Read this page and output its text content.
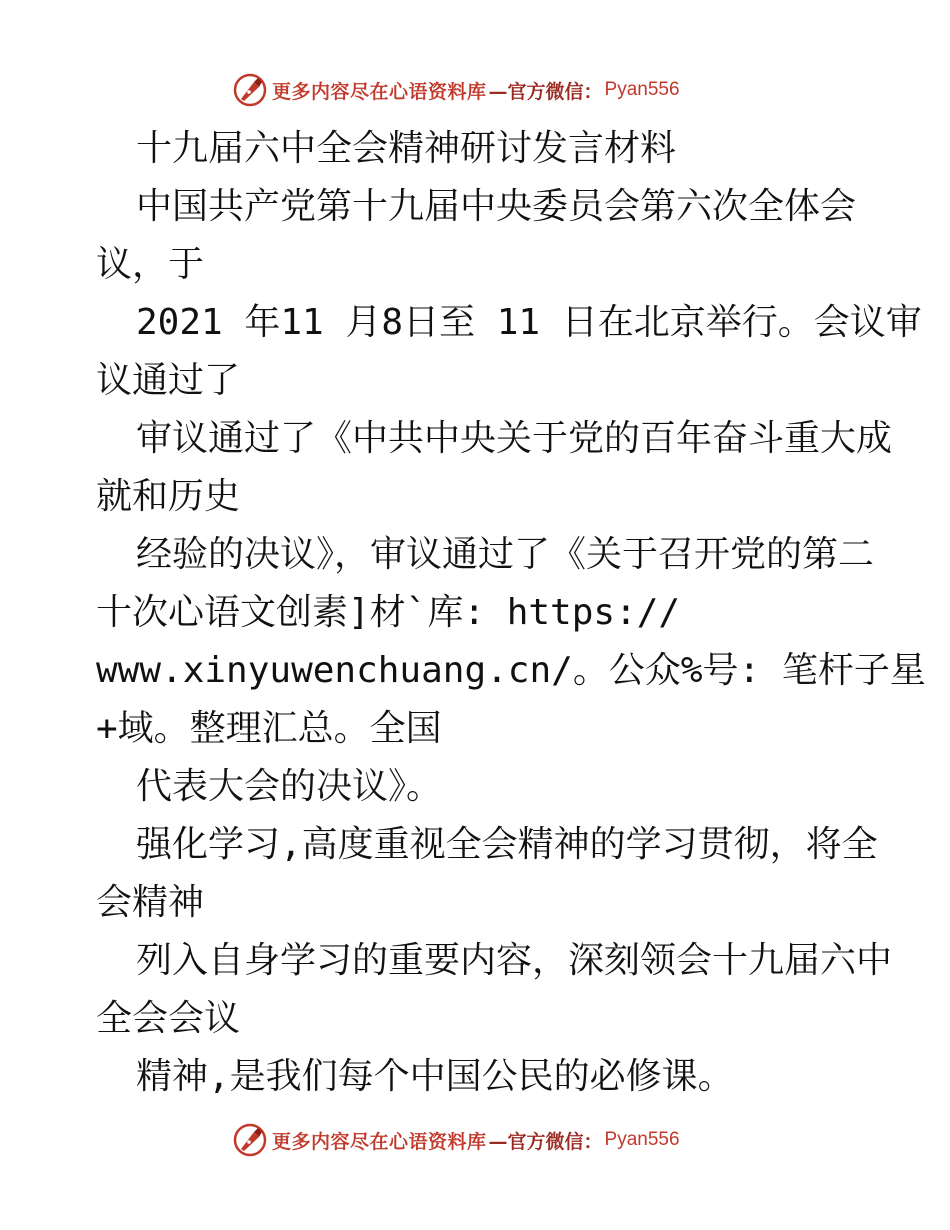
更多内容尽在心语资料库 —官方微信： Pyan556
十九届六中全会精神研讨发言材料
中国共产党第十九届中央委员会第六次全体会
议，于
2021 年11 月8日至 11 日在北京举行。会议审
议通过了
审议通过了《中共中央关于党的百年奋斗重大成
就和历史
经验的决议》，审议通过了《关于召开党的第二
十次心语文创素]材`库: https://
www.xinyuwenchuang.cn/。公众%号: 笔杆子星
+域。整理汇总。全国
代表大会的决议》。
强化学习,高度重视全会精神的学习贯彻，将全
会精神
列入自身学习的重要内容，深刻领会十九届六中
全会会议
精神,是我们每个中国公民的必修课。
更多内容尽在心语资料库 —官方微信： Pyan556
